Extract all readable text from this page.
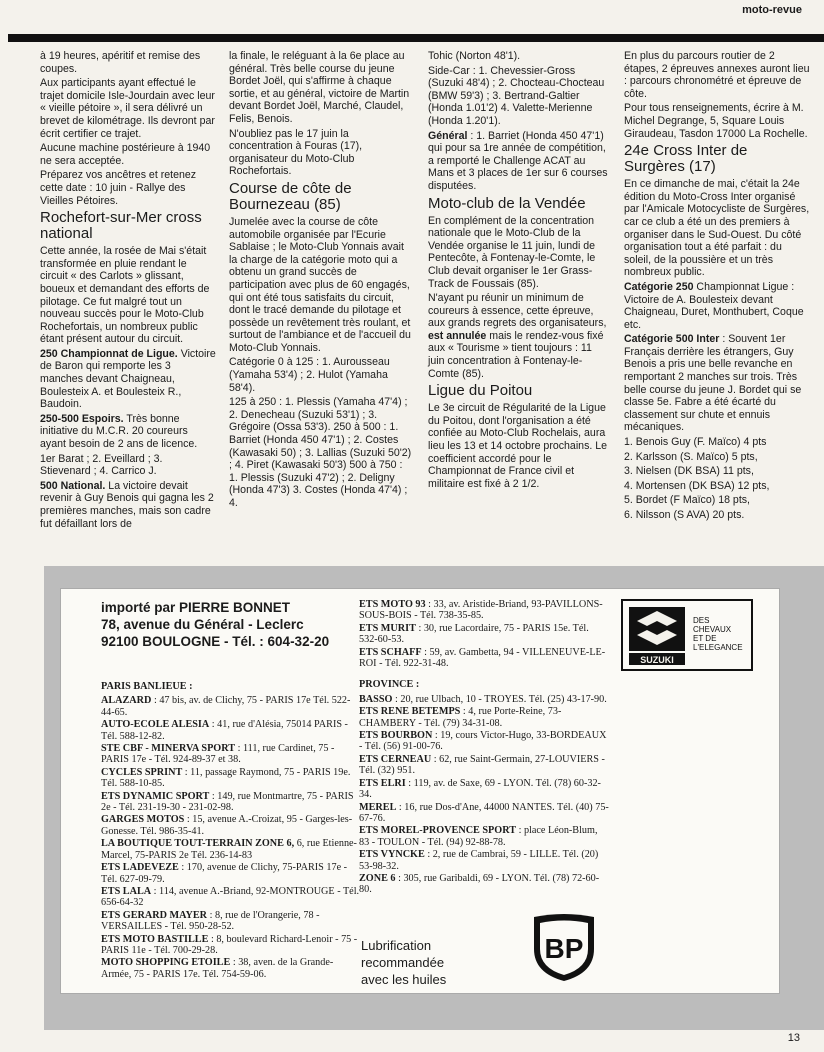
moto-revue

à 19 heures, apéritif et remise des coupes.

Aux participants ayant effectué le trajet domicile Isle-Jourdain avec leur « vieille pétoire », il sera délivré un brevet de kilométrage. Ils devront par écrit certifier ce trajet.

Aucune machine postérieure à 1940 ne sera acceptée.

Préparez vos ancêtres et retenez cette date : 10 juin - Rallye des Vieilles Pétoires.

Rochefort-sur-Mer cross national

Cette année, la rosée de Mai s'était transformée en pluie rendant le circuit « des Carlots » glissant, boueux et demandant des efforts de pilotage. Ce fut malgré tout un nouveau succès pour le Moto-Club Rochefortais, un nombreux public étant présent autour du circuit.

250 Championnat de Ligue. Victoire de Baron qui remporte les 3 manches devant Chaigneau, Boulesteix A. et Boulesteix R., Baudoin.

250-500 Espoirs. Très bonne initiative du M.C.R. 20 coureurs ayant besoin de 2 ans de licence.

1er Barat ; 2. Eveillard ; 3. Stievenard ; 4. Carrico J.

500 National. La victoire devait revenir à Guy Benois qui gagna les 2 premières manches, mais son cadre fut défaillant lors de

la finale, le reléguant à la 6e place au général. Très belle course du jeune Bordet Joël, qui s'affirme à chaque sortie, et au général, victoire de Martin devant Bordet Joël, Marché, Claudel, Felis, Benois.

N'oubliez pas le 17 juin la concentration à Fouras (17), organisateur du Moto-Club Rochefortais.

Course de côte de Bournezeau (85)

Jumelée avec la course de côte automobile organisée par l'Ecurie Sablaise ; le Moto-Club Yonnais avait la charge de la catégorie moto qui a obtenu un grand succès de participation avec plus de 60 engagés, qui ont été tous satisfaits du circuit, dont le tracé demande du pilotage et possède un revêtement très roulant, et surtout de l'ambiance et de l'accueil du Moto-Club Yonnais.

Catégorie 0 à 125 : 1. Aurousseau (Yamaha 53'4) ; 2. Hulot (Yamaha 58'4).

125 à 250 : 1. Plessis (Yamaha 47'4) ; 2. Denecheau (Suzuki 53'1) ; 3. Grégoire (Ossa 53'3). 250 à 500 : 1. Barriet (Honda 450 47'1) ; 2. Costes (Kawasaki 50) ; 3. Lallias (Suzuki 50'2) ; 4. Piret (Kawasaki 50'3) 500 à 750 : 1. Plessis (Suzuki 47'2) ; 2. Deligny (Honda 47'3) 3. Costes (Honda 47'4) ; 4.

Tohic (Norton 48'1).

Side-Car : 1. Chevessier-Gross (Suzuki 48'4) ; 2. Chocteau-Chocteau (BMW 59'3) ; 3. Bertrand-Galtier (Honda 1.01'2) 4. Valette-Merienne (Honda 1.20'1).

Général : 1. Barriet (Honda 450 47'1) qui pour sa 1re année de compétition, a remporté le Challenge ACAT au Mans et 3 places de 1er sur 6 courses disputées.

Moto-club de la Vendée

En complément de la concentration nationale que le Moto-Club de la Vendée organise le 11 juin, lundi de Pentecôte, à Fontenay-le-Comte, le Club devait organiser le 1er Grass-Track de Foussais (85).

N'ayant pu réunir un minimum de coureurs à essence, cette épreuve, aux grands regrets des organisateurs, est annulée mais le rendez-vous fixé aux « Tourisme » tient toujours : 11 juin concentration à Fontenay-le-Comte (85).

Ligue du Poitou

Le 3e circuit de Régularité de la Ligue du Poitou, dont l'organisation a été confiée au Moto-Club Rochelais, aura lieu les 13 et 14 octobre prochains. Le coefficient accordé pour le Championnat de France civil et militaire est fixé à 2 1/2.

En plus du parcours routier de 2 étapes, 2 épreuves annexes auront lieu : parcours chronométré et épreuve de côte.

Pour tous renseignements, écrire à M. Michel Degrange, 5, Square Louis Giraudeau, Tasdon 17000 La Rochelle.

24e Cross Inter de Surgères (17)

En ce dimanche de mai, c'était la 24e édition du Moto-Cross Inter organisé par l'Amicale Motocycliste de Surgères, car ce club a été un des premiers à organiser dans le Sud-Ouest. Du côté organisation tout a été parfait : du soleil, de la poussière et un très nombreux public.

Catégorie 250 Championnat Ligue : Victoire de A. Boulesteix devant Chaigneau, Duret, Monthubert, Coque etc.

Catégorie 500 Inter : Souvent 1er Français derrière les étrangers, Guy Benois a pris une belle revanche en remportant 2 manches sur trois. Très belle course du jeune J. Bordet qui se classe 5e. Fabre a été écarté du classement sur chute et ennuis mécaniques.

1. Benois Guy (F. Maïco) 4 pts

2. Karlsson (S. Maïco) 5 pts,

3. Nielsen (DK BSA) 11 pts,

4. Mortensen (DK BSA) 12 pts,

5. Bordet (F Maïco) 18 pts,

6. Nilsson (S AVA) 20 pts.

importé par PIERRE BONNET
78, avenue du Général - Leclerc
92100 BOULOGNE - Tél. : 604-32-20

PARIS BANLIEUE :

ALAZARD : 47 bis, av. de Clichy, 75 - PARIS 17e Tél. 522-44-65.

AUTO-ECOLE ALESIA : 41, rue d'Alésia, 75014 PARIS - Tél. 588-12-82.

STE CBF - MINERVA SPORT : 111, rue Cardinet, 75 - PARIS 17e - Tél. 924-89-37 et 38.

CYCLES SPRINT : 11, passage Raymond, 75 - PARIS 19e. Tél. 588-10-85.

ETS DYNAMIC SPORT : 149, rue Montmartre, 75 - PARIS 2e - Tél. 231-19-30 - 231-02-98.

GARGES MOTOS : 15, avenue A.-Croizat, 95 - Garges-les-Gonesse. Tél. 986-35-41.

LA BOUTIQUE TOUT-TERRAIN ZONE 6, 6, rue Etienne-Marcel, 75-PARIS 2e Tél. 236-14-83

ETS LADEVEZE : 170, avenue de Clichy, 75-PARIS 17e - Tél. 627-09-79.

ETS LALA : 114, avenue A.-Briand, 92-MONTROUGE - Tél. 656-64-32

ETS GERARD MAYER : 8, rue de l'Orangerie, 78 - VERSAILLES - Tél. 950-28-52.

ETS MOTO BASTILLE : 8, boulevard Richard-Lenoir - 75 - PARIS 11e - Tél. 700-29-28.

MOTO SHOPPING ETOILE : 38, aven. de la Grande-Armée, 75 - PARIS 17e. Tél. 754-59-06.

ETS MOTO 93 : 33, av. Aristide-Briand, 93-PAVILLONS-SOUS-BOIS - Tél. 738-35-85.

ETS MURIT : 30, rue Lacordaire, 75 - PARIS 15e. Tél. 532-60-53.

ETS SCHAFF : 59, av. Gambetta, 94 - VILLENEUVE-LE-ROI - Tél. 922-31-48.

PROVINCE :

BASSO : 20, rue Ulbach, 10 - TROYES. Tél. (25) 43-17-90.

ETS RENE BETEMPS : 4, rue Porte-Reine, 73-CHAMBERY - Tél. (79) 34-31-08.

ETS BOURBON : 19, cours Victor-Hugo, 33-BORDEAUX - Tél. (56) 91-00-76.

ETS CERNEAU : 62, rue Saint-Germain, 27-LOUVIERS - Tél. (32) 951.

ETS ELRI : 119, av. de Saxe, 69 - LYON. Tél. (78) 60-32-34.

MEREL : 16, rue Dos-d'Ane, 44000 NANTES. Tél. (40) 75-67-76.

ETS MOREL-PROVENCE SPORT : place Léon-Blum, 83 - TOULON - Tél. (94) 92-88-78.

ETS VYNCKE : 2, rue de Cambrai, 59 - LILLE. Tél. (20) 53-98-32.

ZONE 6 : 305, rue Garibaldi, 69 - LYON. Tél. (78) 72-60-80.

SUZUKI
DES CHEVAUX ET DE L'ELEGANCE
Lubrification
recommandée
avec les huiles
BP
13
